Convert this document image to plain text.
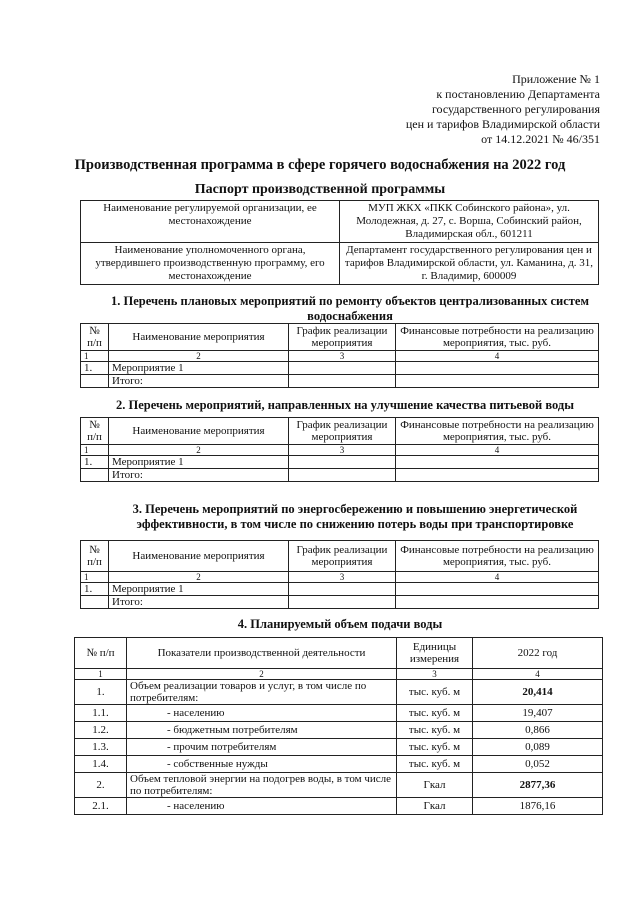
Приложение № 1
к постановлению Департамента
государственного регулирования
цен и тарифов Владимирской области
от 14.12.2021 № 46/351
Производственная программа в сфере горячего водоснабжения на 2022 год
Паспорт производственной программы
Наименование регулируемой организации, ее местонахождение	МУП ЖКХ «ПКК Собинского района», ул. Молодежная, д. 27, с. Ворша, Собинский район, Владимирская обл., 601211
Наименование уполномоченного органа, утвердившего производственную программу, его местонахождение	Департамент государственного регулирования цен и тарифов Владимирской области, ул. Каманина, д. 31, г. Владимир, 600009
1. Перечень плановых мероприятий по ремонту объектов централизованных систем водоснабжения
№ п/п	Наименование мероприятия	График реализации мероприятия	Финансовые потребности на реализацию мероприятия, тыс. руб.
1	2	3	4
1.	Мероприятие 1		
	Итого:		
2. Перечень мероприятий, направленных на улучшение качества питьевой воды
№ п/п	Наименование мероприятия	График реализации мероприятия	Финансовые потребности на реализацию мероприятия, тыс. руб.
1	2	3	4
1.	Мероприятие 1		
	Итого:		
3. Перечень мероприятий по энергосбережению и повышению энергетической эффективности, в том числе по снижению потерь воды при транспортировке
№ п/п	Наименование мероприятия	График реализации мероприятия	Финансовые потребности на реализацию мероприятия, тыс. руб.
1	2	3	4
1.	Мероприятие 1		
	Итого:		
4. Планируемый объем подачи воды
№ п/п	Показатели производственной деятельности	Единицы измерения	2022 год
1	2	3	4
1.	Объем реализации товаров и услуг, в том числе по потребителям:	тыс. куб. м	20,414
1.1.	- населению	тыс. куб. м	19,407
1.2.	- бюджетным потребителям	тыс. куб. м	0,866
1.3.	- прочим потребителям	тыс. куб. м	0,089
1.4.	- собственные нужды	тыс. куб. м	0,052
2.	Объем тепловой энергии на подогрев воды, в том числе по потребителям:	Гкал	2877,36
2.1.	- населению	Гкал	1876,16
